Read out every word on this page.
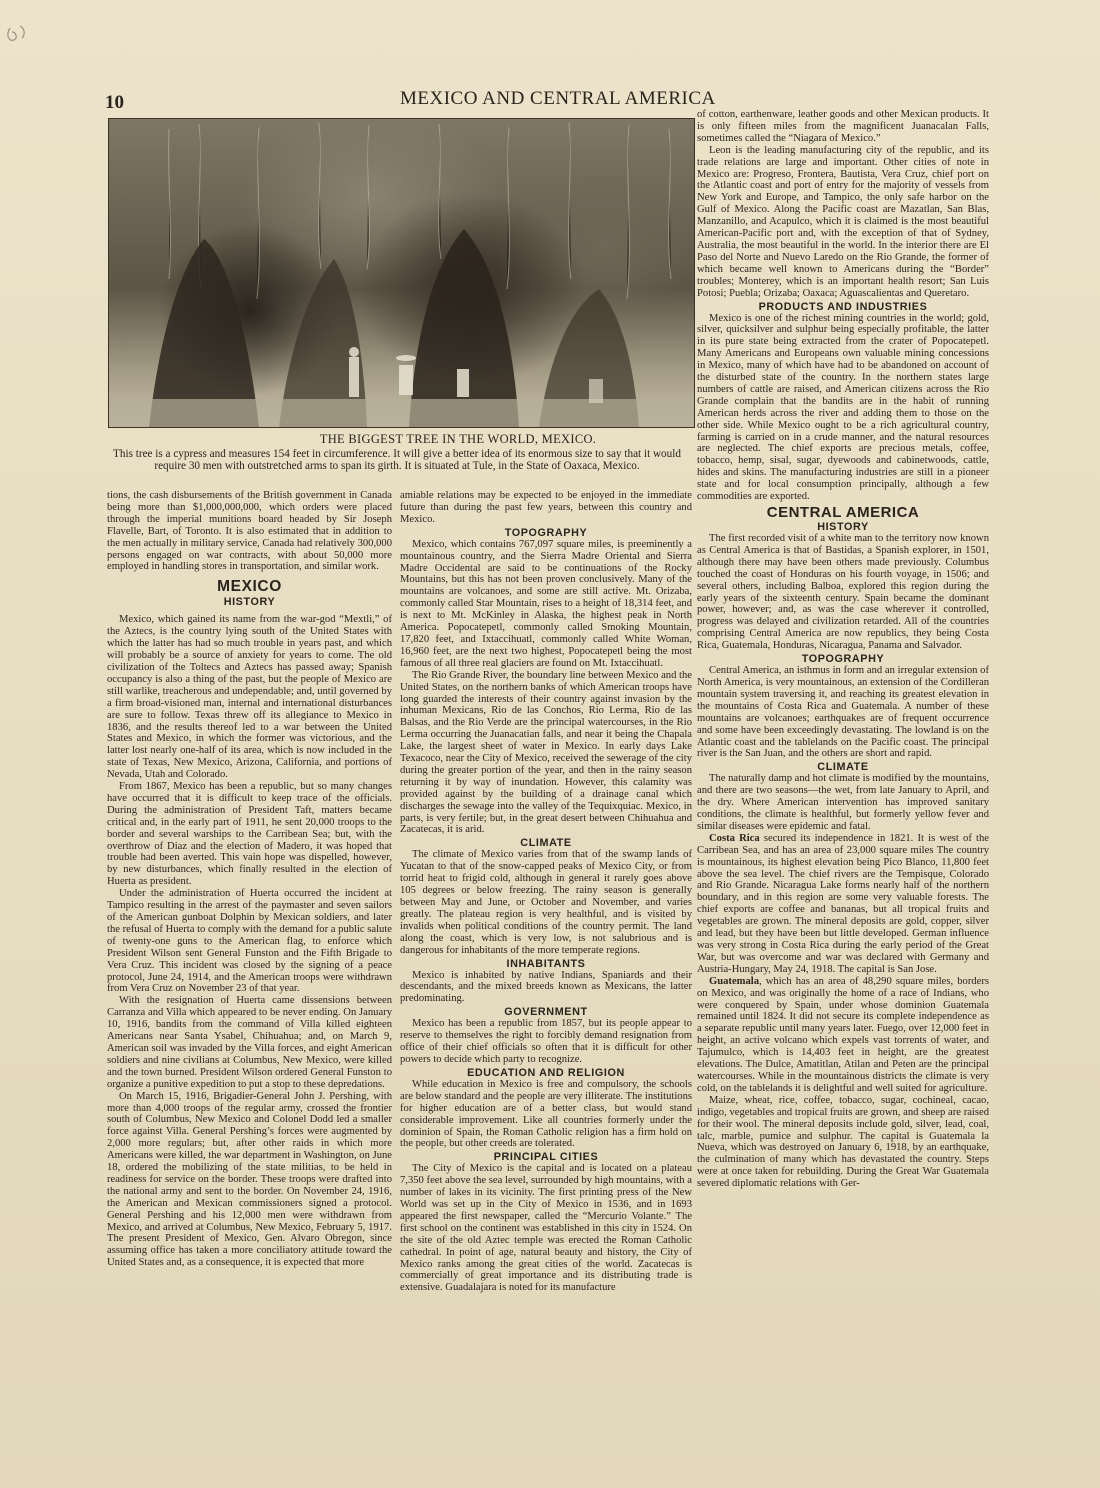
10	MEXICO AND CENTRAL AMERICA
THE BIGGEST TREE IN THE WORLD, MEXICO.
This tree is a cypress and measures 154 feet in circumference. It will give a better idea of its enormous size to say that it would require 30 men with outstretched arms to span its girth. It is situated at Tule, in the State of Oaxaca, Mexico.

tions, the cash disbursements of the British government in Canada being more than $1,000,000,000, which orders were placed through the imperial munitions board headed by Sir Joseph Flavelle, Bart, of Toronto. It is also estimated that in addition to the men actually in military service, Canada had relatively 300,000 persons engaged on war contracts, with about 50,000 more employed in handling stores in transportation, and similar work.

MEXICO
HISTORY

Mexico, which gained its name from the war-god “Mextli,” of the Aztecs, is the country lying south of the United States with which the latter has had so much trouble in years past, and which will probably be a source of anxiety for years to come. The old civilization of the Toltecs and Aztecs has passed away; Spanish occupancy is also a thing of the past, but the people of Mexico are still warlike, treacherous and undependable; and, until governed by a firm broad-visioned man, internal and international disturbances are sure to follow. Texas threw off its allegiance to Mexico in 1836, and the results thereof led to a war between the United States and Mexico, in which the former was victorious, and the latter lost nearly one-half of its area, which is now included in the state of Texas, New Mexico, Arizona, California, and portions of Nevada, Utah and Colorado.

From 1867, Mexico has been a republic, but so many changes have occurred that it is difficult to keep trace of the officials. During the administration of President Taft, matters became critical and, in the early part of 1911, he sent 20,000 troops to the border and several warships to the Carribean Sea; but, with the overthrow of Diaz and the election of Madero, it was hoped that trouble had been averted. This vain hope was dispelled, however, by new disturbances, which finally resulted in the election of Huerta as president.

Under the administration of Huerta occurred the incident at Tampico resulting in the arrest of the paymaster and seven sailors of the American gunboat Dolphin by Mexican soldiers, and later the refusal of Huerta to comply with the demand for a public salute of twenty-one guns to the American flag, to enforce which President Wilson sent General Funston and the Fifth Brigade to Vera Cruz. This incident was closed by the signing of a peace protocol, June 24, 1914, and the American troops were withdrawn from Vera Cruz on November 23 of that year.

With the resignation of Huerta came dissensions between Carranza and Villa which appeared to be never ending. On January 10, 1916, bandits from the command of Villa killed eighteen Americans near Santa Ysabel, Chihuahua; and, on March 9, American soil was invaded by the Villa forces, and eight American soldiers and nine civilians at Columbus, New Mexico, were killed and the town burned. President Wilson ordered General Funston to organize a punitive expedition to put a stop to these depredations.

On March 15, 1916, Brigadier-General John J. Pershing, with more than 4,000 troops of the regular army, crossed the frontier south of Columbus, New Mexico and Colonel Dodd led a smaller force against Villa. General Pershing’s forces were augmented by 2,000 more regulars; but, after other raids in which more Americans were killed, the war department in Washington, on June 18, ordered the mobilizing of the state militias, to be held in readiness for service on the border. These troops were drafted into the national army and sent to the border. On November 24, 1916, the American and Mexican commissioners signed a protocol. General Pershing and his 12,000 men were withdrawn from Mexico, and arrived at Columbus, New Mexico, February 5, 1917. The present President of Mexico, Gen. Alvaro Obregon, since assuming office has taken a more conciliatory attitude toward the United States and, as a consequence, it is expected that more

amiable relations may be expected to be enjoyed in the immediate future than during the past few years, between this country and Mexico.

TOPOGRAPHY

Mexico, which contains 767,097 square miles, is preeminently a mountainous country, and the Sierra Madre Oriental and Sierra Madre Occidental are said to be continuations of the Rocky Mountains, but this has not been proven conclusively. Many of the mountains are volcanoes, and some are still active. Mt. Orizaba, commonly called Star Mountain, rises to a height of 18,314 feet, and is next to Mt. McKinley in Alaska, the highest peak in North America. Popocatepetl, commonly called Smoking Mountain, 17,820 feet, and Ixtaccihuatl, commonly called White Woman, 16,960 feet, are the next two highest, Popocatepetl being the most famous of all three real glaciers are found on Mt. Ixtaccihuatl.

The Rio Grande River, the boundary line between Mexico and the United States, on the northern banks of which American troops have long guarded the interests of their country against invasion by the inhuman Mexicans, Rio de las Conchos, Rio Lerma, Rio de las Balsas, and the Rio Verde are the principal watercourses, in the Rio Lerma occurring the Juanacatian falls, and near it being the Chapala Lake, the largest sheet of water in Mexico. In early days Lake Texacoco, near the City of Mexico, received the sewerage of the city during the greater portion of the year, and then in the rainy season returning it by way of inundation. However, this calamity was provided against by the building of a drainage canal which discharges the sewage into the valley of the Tequixquiac. Mexico, in parts, is very fertile; but, in the great desert between Chihuahua and Zacatecas, it is arid.

CLIMATE

The climate of Mexico varies from that of the swamp lands of Yucatan to that of the snow-capped peaks of Mexico City, or from torrid heat to frigid cold, although in general it rarely goes above 105 degrees or below freezing. The rainy season is generally between May and June, or October and November, and varies greatly. The plateau region is very healthful, and is visited by invalids when political conditions of the country permit. The land along the coast, which is very low, is not salubrious and is dangerous for inhabitants of the more temperate regions.

INHABITANTS

Mexico is inhabited by native Indians, Spaniards and their descendants, and the mixed breeds known as Mexicans, the latter predominating.

GOVERNMENT

Mexico has been a republic from 1857, but its people appear to reserve to themselves the right to forcibly demand resignation from office of their chief officials so often that it is difficult for other powers to decide which party to recognize.

EDUCATION AND RELIGION

While education in Mexico is free and compulsory, the schools are below standard and the people are very illiterate. The institutions for higher education are of a better class, but would stand considerable improvement. Like all countries formerly under the dominion of Spain, the Roman Catholic religion has a firm hold on the people, but other creeds are tolerated.

PRINCIPAL CITIES

The City of Mexico is the capital and is located on a plateau 7,350 feet above the sea level, surrounded by high mountains, with a number of lakes in its vicinity. The first printing press of the New World was set up in the City of Mexico in 1536, and in 1693 appeared the first newspaper, called the “Mercurio Volante.” The first school on the continent was established in this city in 1524. On the site of the old Aztec temple was erected the Roman Catholic cathedral. In point of age, natural beauty and history, the City of Mexico ranks among the great cities of the world. Zacatecas is commercially of great importance and its distributing trade is extensive. Guadalajara is noted for its manufacture

of cotton, earthenware, leather goods and other Mexican products. It is only fifteen miles from the magnificent Juanacalan Falls, sometimes called the “Niagara of Mexico.”

Leon is the leading manufacturing city of the republic, and its trade relations are large and important. Other cities of note in Mexico are: Progreso, Frontera, Bautista, Vera Cruz, chief port on the Atlantic coast and port of entry for the majority of vessels from New York and Europe, and Tampico, the only safe harbor on the Gulf of Mexico. Along the Pacific coast are Mazatlan, San Blas, Manzanillo, and Acapulco, which it is claimed is the most beautiful American-Pacific port and, with the exception of that of Sydney, Australia, the most beautiful in the world. In the interior there are El Paso del Norte and Nuevo Laredo on the Rio Grande, the former of which became well known to Americans during the “Border” troubles; Monterey, which is an important health resort; San Luis Potosi; Puebla; Orizaba; Oaxaca; Aguascalientas and Queretaro.

PRODUCTS AND INDUSTRIES

Mexico is one of the richest mining countries in the world; gold, silver, quicksilver and sulphur being especially profitable, the latter in its pure state being extracted from the crater of Popocatepetl. Many Americans and Europeans own valuable mining concessions in Mexico, many of which have had to be abandoned on account of the disturbed state of the country. In the northern states large numbers of cattle are raised, and American citizens across the Rio Grande complain that the bandits are in the habit of running American herds across the river and adding them to those on the other side. While Mexico ought to be a rich agricultural country, farming is carried on in a crude manner, and the natural resources are neglected. The chief exports are precious metals, coffee, tobacco, hemp, sisal, sugar, dyewoods and cabinetwoods, cattle, hides and skins. The manufacturing industries are still in a pioneer state and for local consumption principally, although a few commodities are exported.

CENTRAL AMERICA
HISTORY

The first recorded visit of a white man to the territory now known as Central America is that of Bastidas, a Spanish explorer, in 1501, although there may have been others made previously. Columbus touched the coast of Honduras on his fourth voyage, in 1506; and several others, including Balboa, explored this region during the early years of the sixteenth century. Spain became the dominant power, however; and, as was the case wherever it controlled, progress was delayed and civilization retarded. All of the countries comprising Central America are now republics, they being Costa Rica, Guatemala, Honduras, Nicaragua, Panama and Salvador.

TOPOGRAPHY

Central America, an isthmus in form and an irregular extension of North America, is very mountainous, an extension of the Cordilleran mountain system traversing it, and reaching its greatest elevation in the mountains of Costa Rica and Guatemala. A number of these mountains are volcanoes; earthquakes are of frequent occurrence and some have been exceedingly devastating. The lowland is on the Atlantic coast and the tablelands on the Pacific coast. The principal river is the San Juan, and the others are short and rapid.

CLIMATE

The naturally damp and hot climate is modified by the mountains, and there are two seasons—the wet, from late January to April, and the dry. Where American intervention has improved sanitary conditions, the climate is healthful, but formerly yellow fever and similar diseases were epidemic and fatal.

Costa Rica secured its independence in 1821. It is west of the Carribean Sea, and has an area of 23,000 square miles The country is mountainous, its highest elevation being Pico Blanco, 11,800 feet above the sea level. The chief rivers are the Tempisque, Colorado and Rio Grande. Nicaragua Lake forms nearly half of the northern boundary, and in this region are some very valuable forests. The chief exports are coffee and bananas, but all tropical fruits and vegetables are grown. The mineral deposits are gold, copper, silver and lead, but they have been but little developed. German influence was very strong in Costa Rica during the early period of the Great War, but was overcome and war was declared with Germany and Austria-Hungary, May 24, 1918. The capital is San Jose.

Guatemala, which has an area of 48,290 square miles, borders on Mexico, and was originally the home of a race of Indians, who were conquered by Spain, under whose dominion Guatemala remained until 1824. It did not secure its complete independence as a separate republic until many years later. Fuego, over 12,000 feet in height, an active volcano which expels vast torrents of water, and Tajumulco, which is 14,403 feet in height, are the greatest elevations. The Dulce, Amatitlan, Atilan and Peten are the principal watercourses. While in the mountainous districts the climate is very cold, on the tablelands it is delightful and well suited for agriculture.

Maize, wheat, rice, coffee, tobacco, sugar, cochineal, cacao, indigo, vegetables and tropical fruits are grown, and sheep are raised for their wool. The mineral deposits include gold, silver, lead, coal, talc, marble, pumice and sulphur. The capital is Guatemala la Nueva, which was destroyed on January 6, 1918, by an earthquake, the culmination of many which has devastated the country. Steps were at once taken for rebuilding. During the Great War Guatemala severed diplomatic relations with Ger-
